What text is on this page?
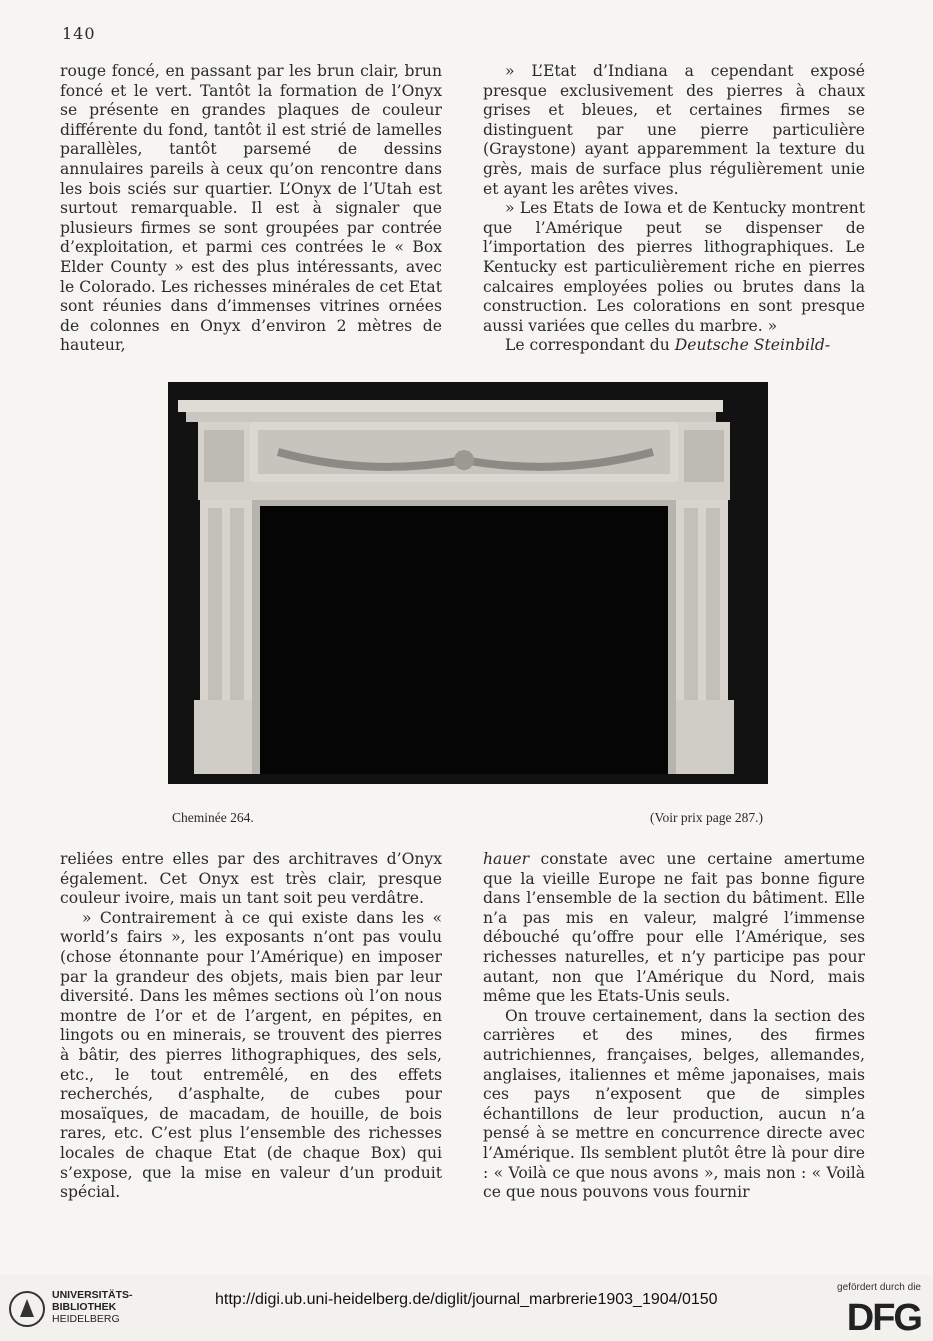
140

rouge foncé, en passant par les brun clair, brun foncé et le vert. Tantôt la formation de l’Onyx se présente en grandes plaques de couleur différente du fond, tantôt il est strié de lamelles parallèles, tantôt parsemé de dessins annulaires pareils à ceux qu’on rencontre dans les bois sciés sur quartier. L’Onyx de l’Utah est surtout remarquable. Il est à signaler que plusieurs firmes se sont groupées par contrée d’exploitation, et parmi ces contrées le « Box Elder County » est des plus intéressants, avec le Colorado. Les richesses minérales de cet Etat sont réunies dans d’immenses vitrines ornées de colonnes en Onyx d’environ 2 mètres de hauteur,

» L’Etat d’Indiana a cependant exposé presque exclusivement des pierres à chaux grises et bleues, et certaines firmes se distinguent par une pierre particulière (Graystone) ayant apparemment la texture du grès, mais de surface plus régulièrement unie et ayant les arêtes vives.

» Les Etats de Iowa et de Kentucky montrent que l’Amérique peut se dispenser de l’importation des pierres lithographiques. Le Kentucky est particulièrement riche en pierres calcaires employées polies ou brutes dans la construction. Les colorations en sont presque aussi variées que celles du marbre. »

Le correspondant du Deutsche Steinbild-

Cheminée 264.	(Voir prix page 287.)

reliées entre elles par des architraves d’Onyx également. Cet Onyx est très clair, presque couleur ivoire, mais un tant soit peu verdâtre.

» Contrairement à ce qui existe dans les « world’s fairs », les exposants n’ont pas voulu (chose étonnante pour l’Amérique) en imposer par la grandeur des objets, mais bien par leur diversité. Dans les mêmes sections où l’on nous montre de l’or et de l’argent, en pépites, en lingots ou en minerais, se trouvent des pierres à bâtir, des pierres lithographiques, des sels, etc., le tout entremêlé, en des effets recherchés, d’asphalte, de cubes pour mosaïques, de macadam, de houille, de bois rares, etc. C’est plus l’ensemble des richesses locales de chaque Etat (de chaque Box) qui s’expose, que la mise en valeur d’un produit spécial.

hauer constate avec une certaine amertume que la vieille Europe ne fait pas bonne figure dans l’ensemble de la section du bâtiment. Elle n’a pas mis en valeur, malgré l’immense débouché qu’offre pour elle l’Amérique, ses richesses naturelles, et n’y participe pas pour autant, non que l’Amérique du Nord, mais même que les Etats-Unis seuls.

On trouve certainement, dans la section des carrières et des mines, des firmes autrichiennes, françaises, belges, allemandes, anglaises, italiennes et même japonaises, mais ces pays n’exposent que de simples échantillons de leur production, aucun n’a pensé à se mettre en concurrence directe avec l’Amérique. Ils semblent plutôt être là pour dire : « Voilà ce que nous avons », mais non : « Voilà ce que nous pouvons vous fournir

UNIVERSITÄTS-
BIBLIOTHEK
HEIDELBERG
http://digi.ub.uni-heidelberg.de/diglit/journal_marbrerie1903_1904/0150
gefördert durch die
DFG
